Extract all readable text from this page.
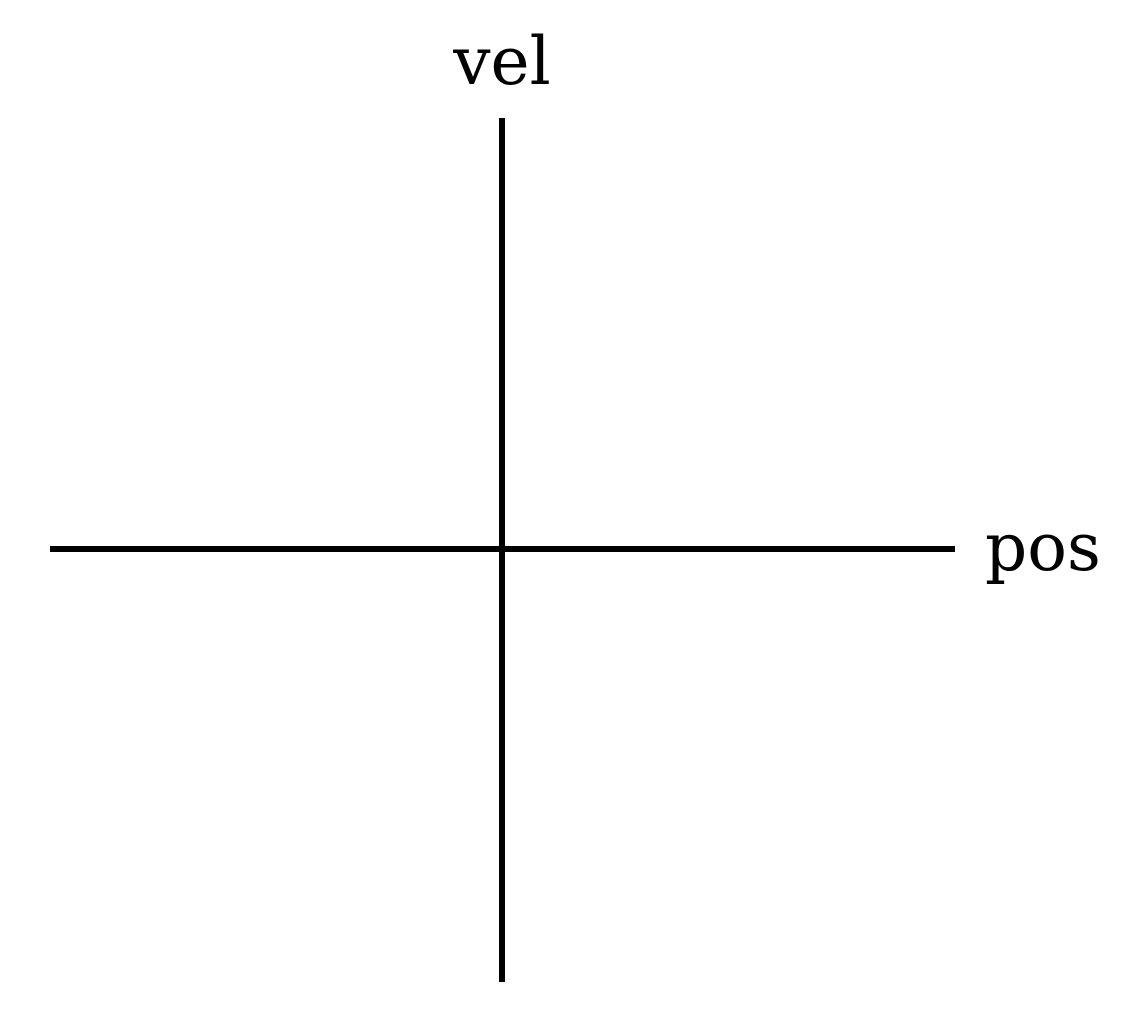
vel
pos
